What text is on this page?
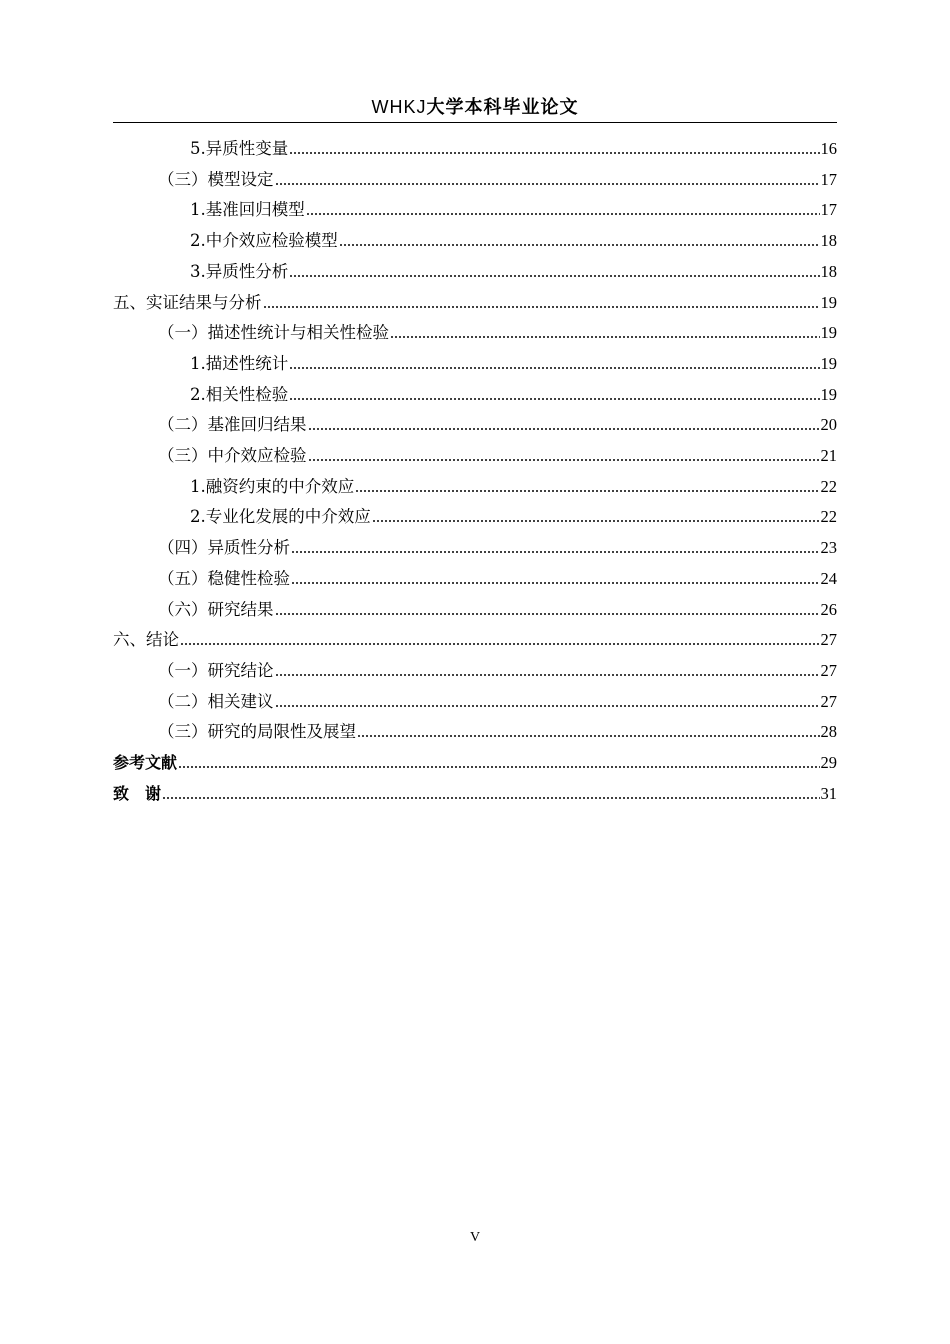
WHKJ大学本科毕业论文
5.异质性变量	16
（三）模型设定	17
1.基准回归模型	17
2.中介效应检验模型	18
3.异质性分析	18
五、实证结果与分析	19
（一）描述性统计与相关性检验	19
1.描述性统计	19
2.相关性检验	19
（二）基准回归结果	20
（三）中介效应检验	21
1.融资约束的中介效应	22
2.专业化发展的中介效应	22
（四）异质性分析	23
（五）稳健性检验	24
（六）研究结果	26
六、结论	27
（一）研究结论	27
（二）相关建议	27
（三）研究的局限性及展望	28
参考文献	29
致　谢	31
V
